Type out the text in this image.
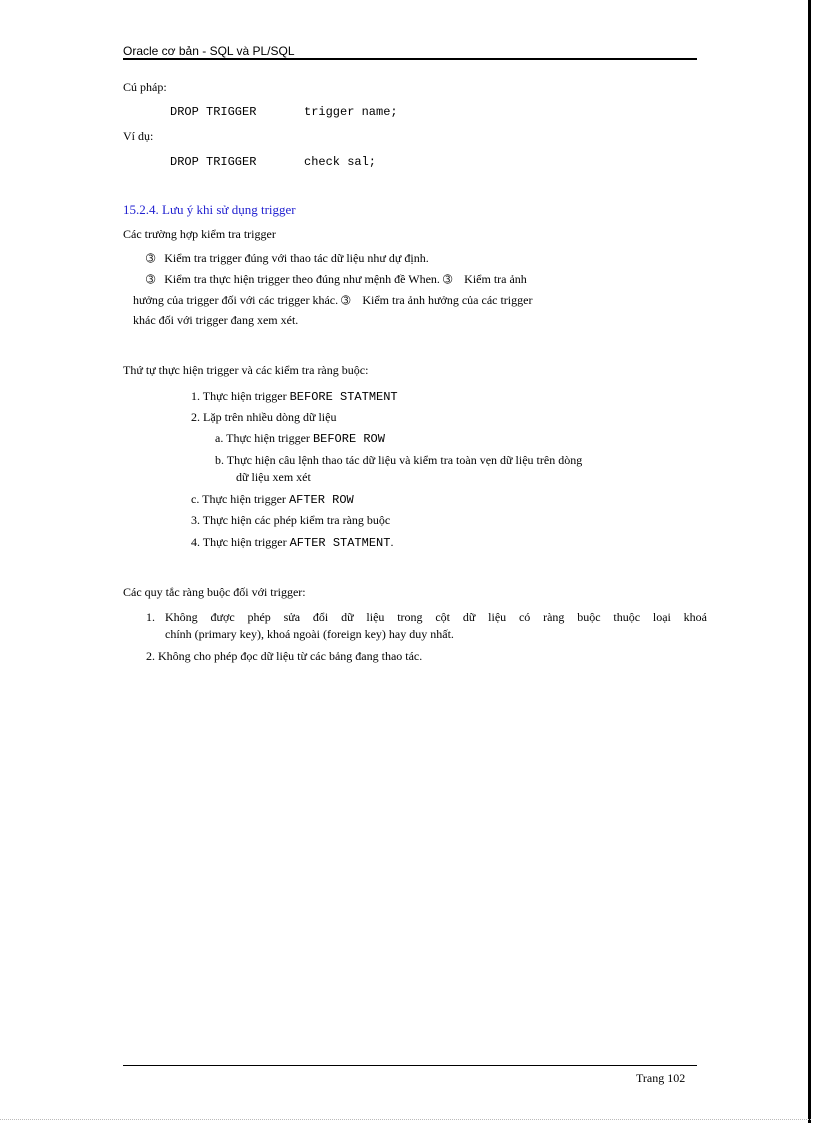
Oracle cơ bản - SQL và PL/SQL
Cú pháp:
DROP TRIGGER	trigger name;
Ví dụ:
DROP TRIGGER	check sal;
15.2.4. Lưu ý khi sử dụng trigger
Các trường hợp kiểm tra trigger
➂ Kiểm tra trigger đúng với thao tác dữ liệu như dự định.
➂ Kiểm tra thực hiện trigger theo đúng như mệnh đề When. ➂ Kiểm tra ảnh
hưởng của trigger đối với các trigger khác. ➂ Kiểm tra ảnh hưởng của các trigger
khác đối với trigger đang xem xét.
Thứ tự thực hiện trigger và các kiểm tra ràng buộc:
1. Thực hiện trigger BEFORE STATMENT
2. Lặp trên nhiều dòng dữ liệu
a. Thực hiện trigger BEFORE ROW
b. Thực hiện câu lệnh thao tác dữ liệu và kiểm tra toàn vẹn dữ liệu trên dòng
dữ liệu xem xét
c. Thực hiện trigger AFTER ROW
3. Thực hiện các phép kiểm tra ràng buộc
4. Thực hiện trigger AFTER STATMENT.
Các quy tắc ràng buộc đối với trigger:
1. Không được phép sửa đổi dữ liệu trong cột dữ liệu có ràng buộc thuộc loại khoá
chính (primary key), khoá ngoài (foreign key) hay duy nhất.
2. Không cho phép đọc dữ liệu từ các bảng đang thao tác.
Trang 102
